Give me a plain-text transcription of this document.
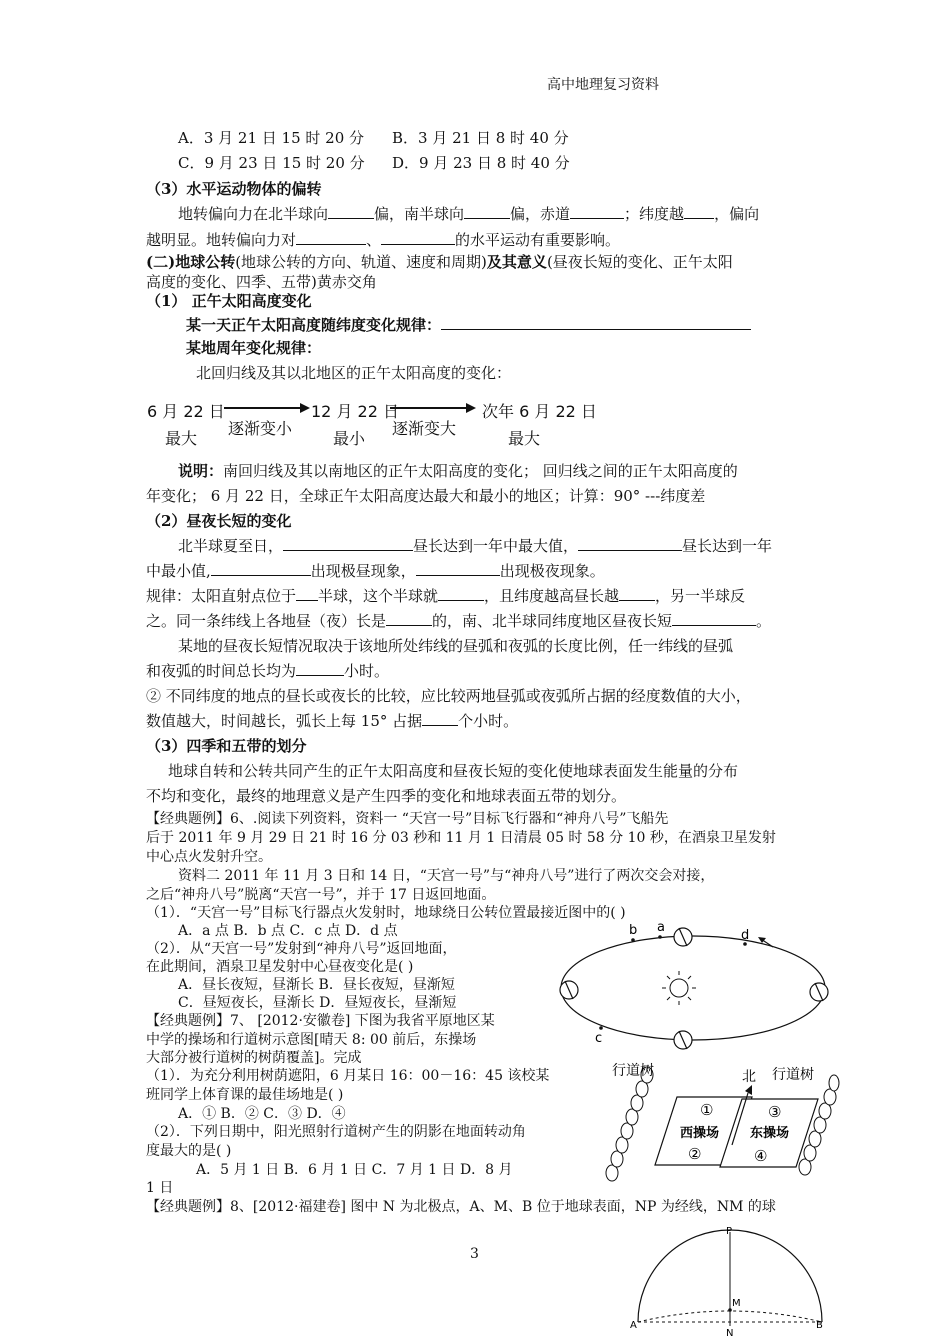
高中地理复习资料
A．3 月 21 日 15 时 20 分 B．3 月 21 日 8 时 40 分
C．9 月 23 日 15 时 20 分 D．9 月 23 日 8 时 40 分
（3）水平运动物体的偏转
地转偏向力在北半球向	偏，南半球向	偏，赤道	；纬度越 ，偏向
越明显。地转偏向力对	、	的水平运动有重要影响。
(二)地球公转(地球公转的方向、轨道、速度和周期)及其意义(昼夜长短的变化、正午太阳
高度的变化、四季、五带)黄赤交角
（1） 正午太阳高度变化
某一天正午太阳高度随纬度变化规律：
某地周年变化规律：
北回归线及其以北地区的正午太阳高度的变化：
6 月 22 日	12 月 22 日	次年 6 月 22 日
逐渐变小	逐渐变大
最大	最小	最大
说明：南回归线及其以南地区的正午太阳高度的变化； 回归线之间的正午太阳高度的
年变化； 6 月 22 日，全球正午太阳高度达最大和最小的地区；计算：90° ---纬度差
（2）昼夜长短的变化
北半球夏至日，	昼长达到一年中最大值，	昼长达到一年
中最小值,	出现极昼现象，	出现极夜现象。
规律：太阳直射点位于 半球，这个半球就	，且纬度越高昼长越 ，另一半球反
之。同一条纬线上各地昼（夜）长是	的，南、北半球同纬度地区昼夜长短	。
某地的昼夜长短情况取决于该地所处纬线的昼弧和夜弧的长度比例，任一纬线的昼弧
和夜弧的时间总长均为	小时。
② 不同纬度的地点的昼长或夜长的比较，应比较两地昼弧或夜弧所占据的经度数值的大小，
数值越大，时间越长，弧长上每 15° 占据 个小时。
（3）四季和五带的划分
地球自转和公转共同产生的正午太阳高度和昼夜长短的变化使地球表面发生能量的分布
不均和变化，最终的地理意义是产生四季的变化和地球表面五带的划分。
【经典题例】6、.阅读下列资料，资料一 “天宫一号”目标飞行器和“神舟八号”飞船先
后于 2011 年 9 月 29 日 21 时 16 分 03 秒和 11 月 1 日清晨 05 时 58 分 10 秒，在酒泉卫星发射
中心点火发射升空。
资料二 2011 年 11 月 3 日和 14 日，“天宫一号”与“神舟八号”进行了两次交会对接，
之后“神舟八号”脱离“天宫一号”，并于 17 日返回地面。
（1）．“天宫一号”目标飞行器点火发射时，地球绕日公转位置最接近图中的( )
A．a 点 B．b 点 C．c 点 D．d 点
（2）．从“天宫一号”发射到“神舟八号”返回地面，
在此期间，酒泉卫星发射中心昼夜变化是( )
A．昼长夜短，昼渐长 B．昼长夜短，昼渐短
C．昼短夜长，昼渐长 D．昼短夜长，昼渐短
b a
d
c
【经典题例】7、 [2012·安徽卷] 下图为我省平原地区某
中学的操场和行道树示意图[晴天 8: 00 前后，东操场
大部分被行道树的树荫覆盖]。完成
（1）．为充分利用树荫遮阳，6 月某日 16：00－16：45 该校某
班同学上体育课的最佳场地是( )
A．① B．② C．③ D．④
（2）．下列日期中，阳光照射行道树产生的阴影在地面转动角
度最大的是( )
A．5 月 1 日 B．6 月 1 日 C．7 月 1 日 D．8 月
1 日
行道树	行道树
北
西操场 东操场
①
②
③
④
【经典题例】8、[2012·福建卷] 图中 N 为北极点，A、M、B 位于地球表面，NP 为经线，NM 的球
3
P
M
N
A	B
